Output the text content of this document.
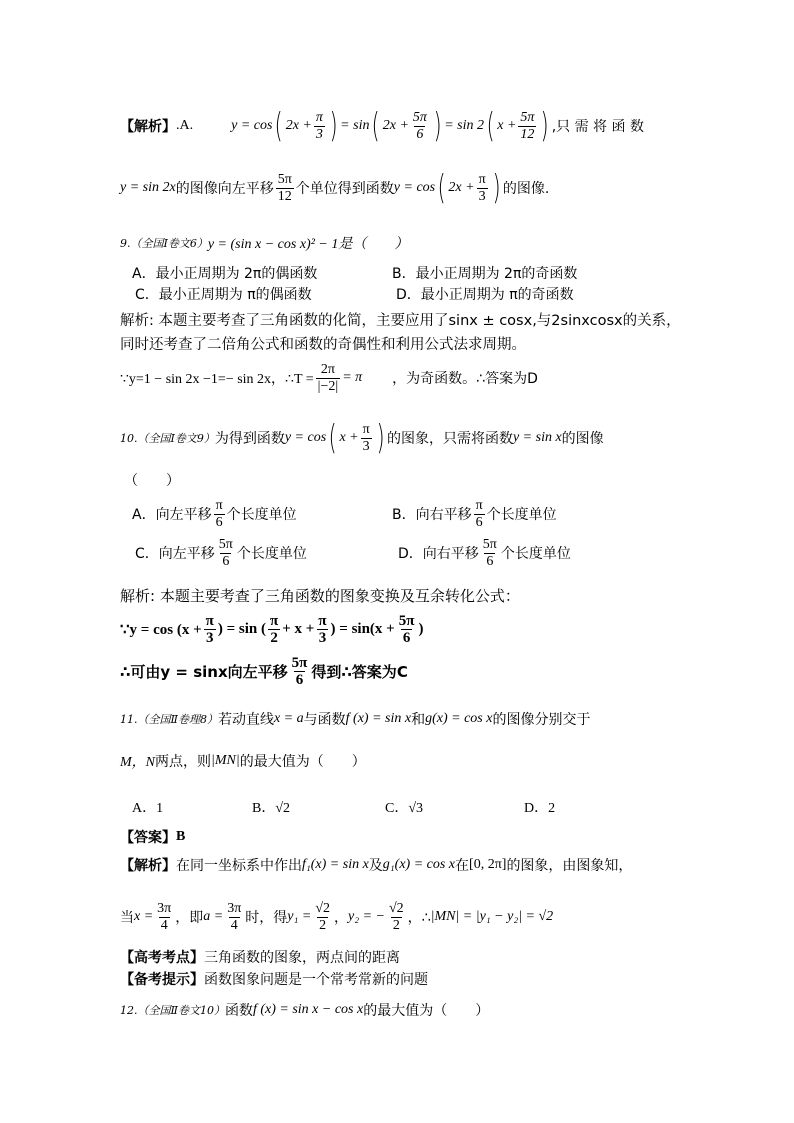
【解析】 .A.	y = cos ( $2x + \frac{\pi}{3}$ ) = sin ( $2x + \frac{5\pi}{6}$ ) = sin 2 ( $x + \frac{5\pi}{12}$ ) ,只 需 将 函 数
y = sin 2x 的图像向左平移 $\frac{5\pi}{12}$ 个单位得到函数 y = cos ( $2x + \frac{\pi}{3}$ ) 的图像.
9.（全国Ⅰ卷文6） y = (sin x − cos x)² − 1是（　　）
A．最小正周期为 2π的偶函数	B．最小正周期为 2π的奇函数
C．最小正周期为 π的偶函数	D．最小正周期为 π的奇函数
解析: 本题主要考查了三角函数的化简，主要应用了sinx ± cosx,与2sinxcosx的关系，
同时还考查了二倍角公式和函数的奇偶性和利用公式法求周期。
∵y=1 − sin 2x −1=− sin 2x，∴T = $\frac{2\pi}{|-2|} = \pi$ ，为奇函数。∴答案为D
10.（全国Ⅰ卷文9） 为得到函数 y = cos ( $x + \frac{\pi}{3}$ ) 的图象，只需将函数 y = sin x 的图像
（　　）
A．向左平移 $\frac{\pi}{6}$ 个长度单位	B．向右平移 $\frac{\pi}{6}$ 个长度单位
C．向左平移 $\frac{5\pi}{6}$ 个长度单位	D．向右平移 $\frac{5\pi}{6}$ 个长度单位
解析: 本题主要考查了三角函数的图象变换及互余转化公式：
∵y = $\cos (x + \frac{\pi}{3}$ ) = sin ( $\frac{\pi}{2} + x + \frac{\pi}{3}$ ) = $\sin(x + \frac{5\pi}{6}$ )
∴可由y = sinx向左平移 $\frac{5\pi}{6}$ 得到∴答案为C
11.（全国Ⅱ卷理8） 若动直线 x = a 与函数 f (x) = sin x 和 g(x) = cos x 的图像分别交于
M，N 两点，则 |MN| 的最大值为（　　）
A．1	B．√2	C．√3	D．2
【答案】 B
【解析】 在同一坐标系中作出 f₁(x) = sin x 及 g₁(x) = cos x 在 [0, 2π] 的图象，由图象知，
当 $x = \frac{3\pi}{4}$ ，即 $a = \frac{3\pi}{4}$ 时，得 $y_1 = \frac{√2}{2}$ ， y₂ = − $\frac{√2}{2}$ ，∴ |MN| = |y₁ − y₂| = √2
【高考考点】 三角函数的图象，两点间的距离
【备考提示】 函数图象问题是一个常考常新的问题
12.（全国Ⅱ卷文10） 函数 f (x) = sin x − cos x 的最大值为（　　）
